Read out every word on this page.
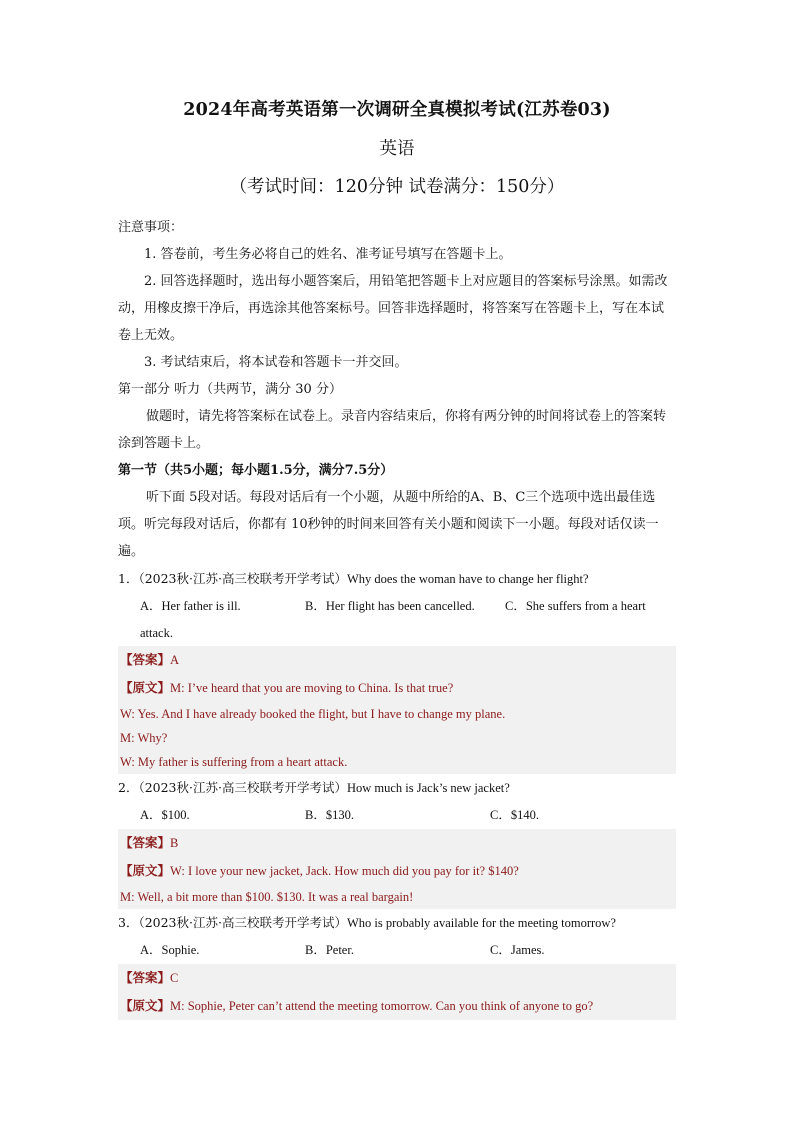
2024年高考英语第一次调研全真模拟考试(江苏卷03)
英语
（考试时间：120分钟 试卷满分：150分）
注意事项：
1. 答卷前，考生务必将自己的姓名、准考证号填写在答题卡上。
2. 回答选择题时，选出每小题答案后，用铅笔把答题卡上对应题目的答案标号涂黑。如需改动，用橡皮擦干净后，再选涂其他答案标号。回答非选择题时，将答案写在答题卡上，写在本试卷上无效。
3. 考试结束后，将本试卷和答题卡一并交回。
第一部分 听力（共两节，满分 30 分）
做题时，请先将答案标在试卷上。录音内容结束后，你将有两分钟的时间将试卷上的答案转涂到答题卡上。
第一节（共5小题；每小题1.5分，满分7.5分）
听下面 5段对话。每段对话后有一个小题，从题中所给的A、B、C三个选项中选出最佳选项。听完每段对话后，你都有 10秒钟的时间来回答有关小题和阅读下一小题。每段对话仅读一遍。
1．（2023秋·江苏·高三校联考开学考试）Why does the woman have to change her flight?
A．Her father is ill.	B．Her flight has been cancelled.	C．She suffers from a heart
attack.
【答案】A
【原文】M: I’ve heard that you are moving to China. Is that true?
W: Yes. And I have already booked the flight, but I have to change my plane.
M: Why?
W: My father is suffering from a heart attack.
2．（2023秋·江苏·高三校联考开学考试）How much is Jack’s new jacket?
A．$100.	B．$130.	C．$140.
【答案】B
【原文】W: I love your new jacket, Jack. How much did you pay for it? $140?
M: Well, a bit more than $100. $130. It was a real bargain!
3．（2023秋·江苏·高三校联考开学考试）Who is probably available for the meeting tomorrow?
A．Sophie.	B．Peter.	C．James.
【答案】C
【原文】M: Sophie, Peter can’t attend the meeting tomorrow. Can you think of anyone to go?
